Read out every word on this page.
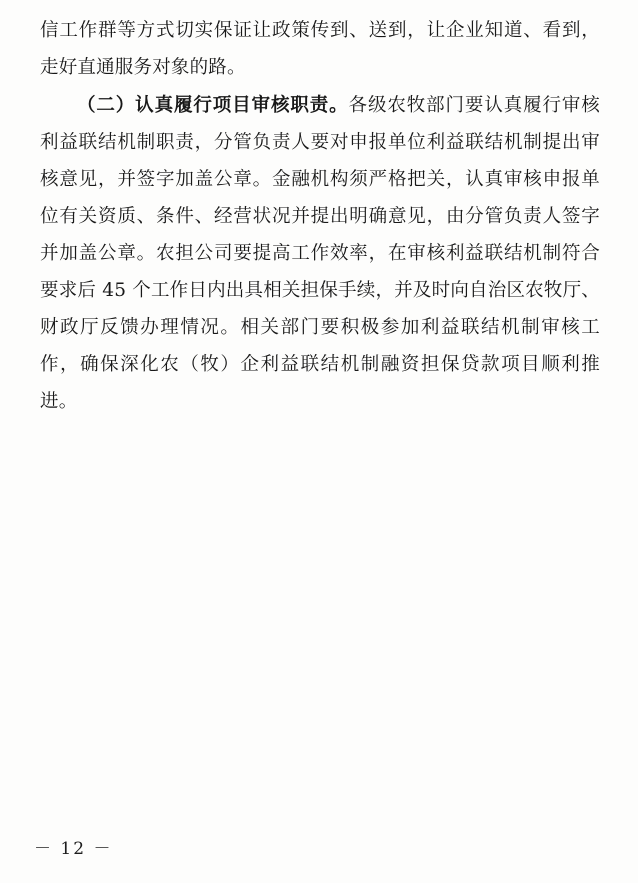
信工作群等方式切实保证让政策传到、送到，让企业知道、看到，走好直通服务对象的路。

（二）认真履行项目审核职责。各级农牧部门要认真履行审核利益联结机制职责，分管负责人要对申报单位利益联结机制提出审核意见，并签字加盖公章。金融机构须严格把关，认真审核申报单位有关资质、条件、经营状况并提出明确意见，由分管负责人签字并加盖公章。农担公司要提高工作效率，在审核利益联结机制符合要求后 45 个工作日内出具相关担保手续，并及时向自治区农牧厅、财政厅反馈办理情况。相关部门要积极参加利益联结机制审核工作，确保深化农（牧）企利益联结机制融资担保贷款项目顺利推进。

－ 12 －
